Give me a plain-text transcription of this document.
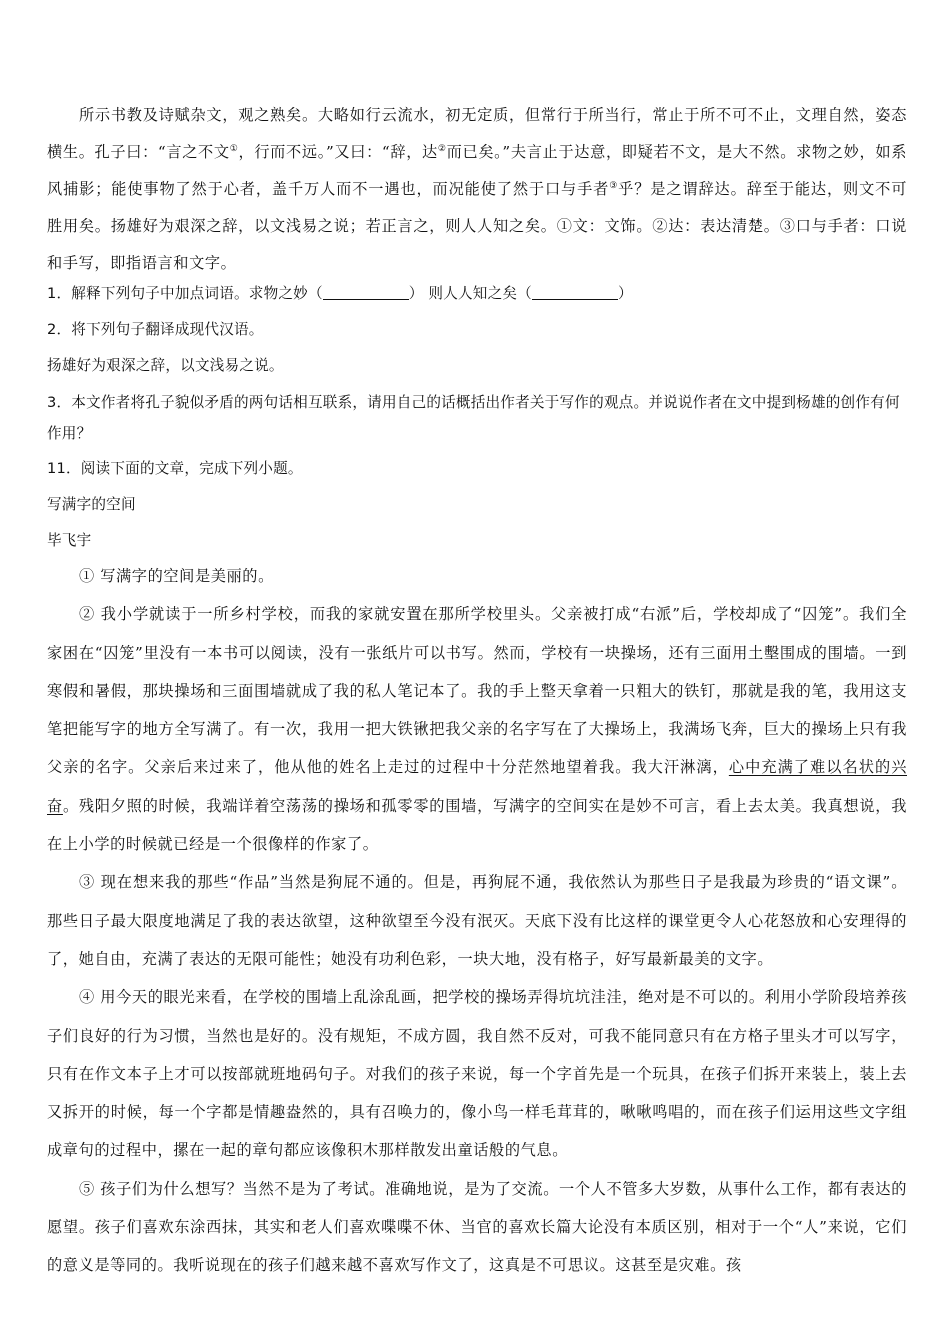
所示书教及诗赋杂文，观之熟矣。大略如行云流水，初无定质，但常行于所当行，常止于所不可不止，文理自然，姿态横生。孔子曰：“言之不文①，行而不远。”又曰：“辞，达②而已矣。”夫言止于达意，即疑若不文，是大不然。求物之妙，如系风捕影；能使事物了然于心者，盖千万人而不一遇也，而况能使了然于口与手者③乎？是之谓辞达。辞至于能达，则文不可胜用矣。扬雄好为艰深之辞，以文浅易之说；若正言之，则人人知之矣。①文：文饰。②达：表达清楚。③口与手者：口说和手写，即指语言和文字。

1．解释下列句子中加点词语。求物之妙（	） 则人人知之矣（	）

2．将下列句子翻译成现代汉语。

扬雄好为艰深之辞，以文浅易之说。

3．本文作者将孔子貌似矛盾的两句话相互联系，请用自己的话概括出作者关于写作的观点。并说说作者在文中提到杨雄的创作有何作用？

11．阅读下面的文章，完成下列小题。

写满字的空间

毕飞宇

① 写满字的空间是美丽的。

② 我小学就读于一所乡村学校，而我的家就安置在那所学校里头。父亲被打成“右派”后，学校却成了“囚笼”。我们全家困在“囚笼”里没有一本书可以阅读，没有一张纸片可以书写。然而，学校有一块操场，还有三面用土墼围成的围墙。一到寒假和暑假，那块操场和三面围墙就成了我的私人笔记本了。我的手上整天拿着一只粗大的铁钉，那就是我的笔，我用这支笔把能写字的地方全写满了。有一次，我用一把大铁锹把我父亲的名字写在了大操场上，我满场飞奔，巨大的操场上只有我父亲的名字。父亲后来过来了，他从他的姓名上走过的过程中十分茫然地望着我。我大汗淋漓，心中充满了难以名状的兴奋。残阳夕照的时候，我端详着空荡荡的操场和孤零零的围墙，写满字的空间实在是妙不可言，看上去太美。我真想说，我在上小学的时候就已经是一个很像样的作家了。

③ 现在想来我的那些“作品”当然是狗屁不通的。但是，再狗屁不通，我依然认为那些日子是我最为珍贵的“语文课”。那些日子最大限度地满足了我的表达欲望，这种欲望至今没有泯灭。天底下没有比这样的课堂更令人心花怒放和心安理得的了，她自由，充满了表达的无限可能性；她没有功利色彩，一块大地，没有格子，好写最新最美的文字。

④ 用今天的眼光来看，在学校的围墙上乱涂乱画，把学校的操场弄得坑坑洼洼，绝对是不可以的。利用小学阶段培养孩子们良好的行为习惯，当然也是好的。没有规矩，不成方圆，我自然不反对，可我不能同意只有在方格子里头才可以写字，只有在作文本子上才可以按部就班地码句子。对我们的孩子来说，每一个字首先是一个玩具，在孩子们拆开来装上，装上去又拆开的时候，每一个字都是情趣盎然的，具有召唤力的，像小鸟一样毛茸茸的，啾啾鸣唱的，而在孩子们运用这些文字组成章句的过程中，摞在一起的章句都应该像积木那样散发出童话般的气息。

⑤ 孩子们为什么想写？当然不是为了考试。准确地说，是为了交流。一个人不管多大岁数，从事什么工作，都有表达的愿望。孩子们喜欢东涂西抹，其实和老人们喜欢喋喋不休、当官的喜欢长篇大论没有本质区别，相对于一个“人”来说，它们的意义是等同的。我听说现在的孩子们越来越不喜欢写作文了，这真是不可思议。这甚至是灾难。孩
